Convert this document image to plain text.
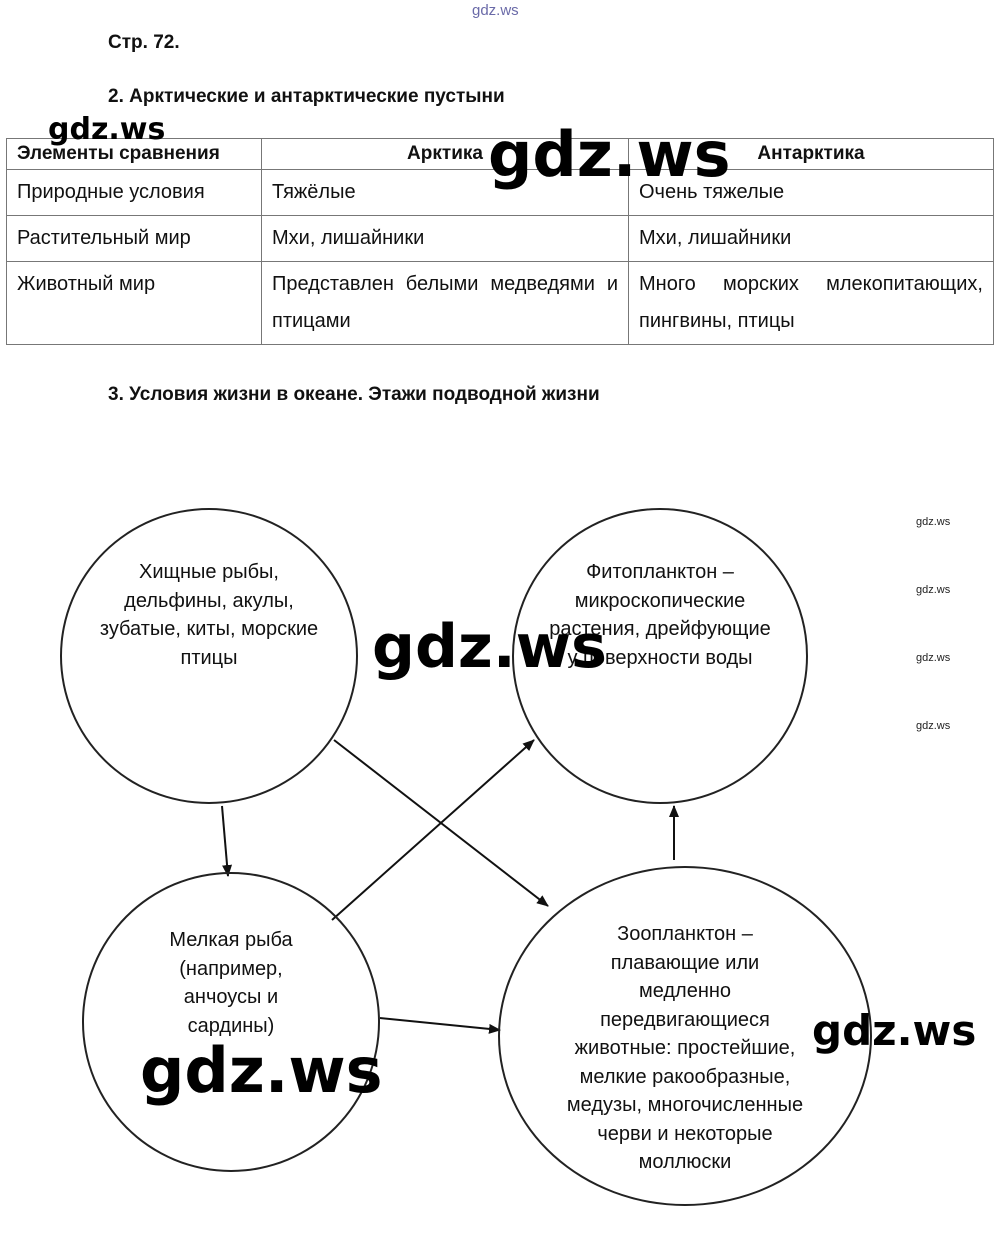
gdz.ws
Стр. 72.
2. Арктические и антарктические пустыни
Элементы сравнения	Арктика	Антарктика
Природные условия	Тяжёлые	Очень тяжелые
Растительный мир	Мхи, лишайники	Мхи, лишайники
Животный мир	Представлен белыми медведями и птицами	Много морских млекопитающих, пингвины, птицы
3. Условия жизни в океане. Этажи подводной жизни
Хищные рыбы, дельфины, акулы, зубатые, киты, морские птицы
Фитопланктон – микроскопические растения, дрейфующие у поверхности воды
Мелкая рыба (например, анчоусы и сардины)
Зоопланктон – плавающие или медленно передвигающиеся животные: простейшие, мелкие ракообразные, медузы, многочисленные черви и некоторые моллюски
gdz.ws	gdz.ws
gdz.ws
gdz.ws
gdz.ws
gdz.ws
gdz.ws
gdz.ws
gdz.ws
